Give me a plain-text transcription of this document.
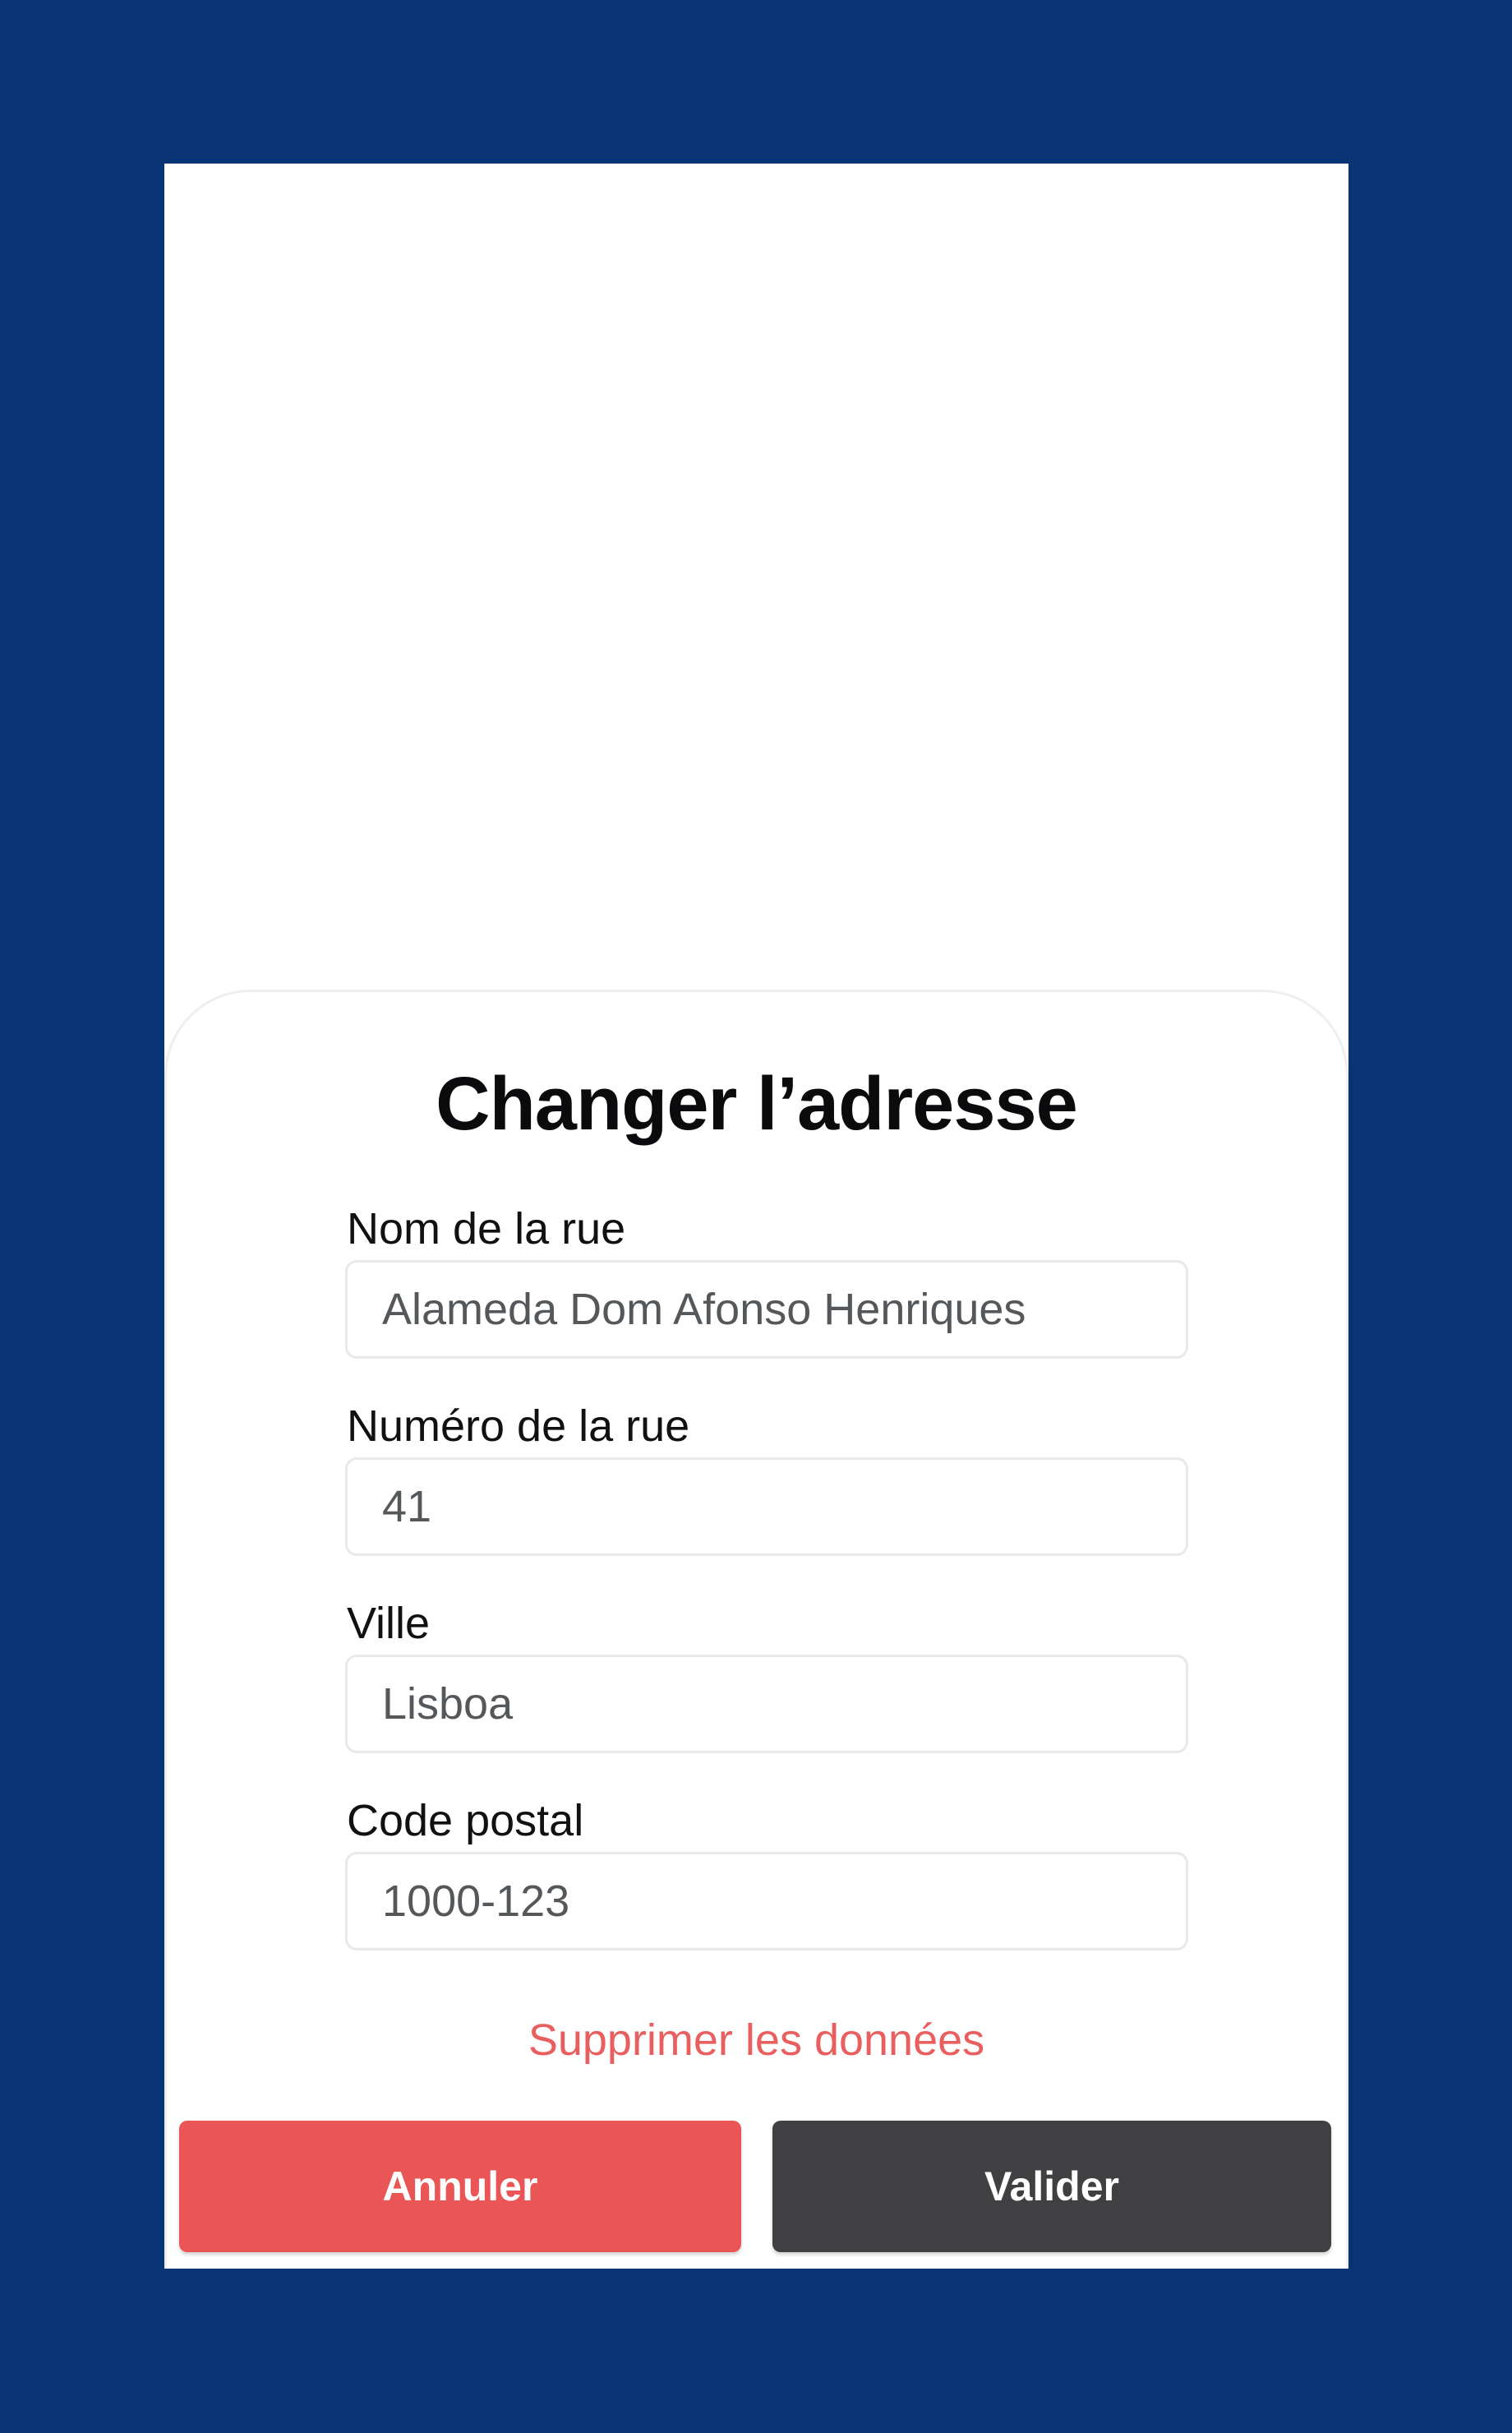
Changer l’adresse
Nom de la rue
Alameda Dom Afonso Henriques
Numéro de la rue
41
Ville
Lisboa
Code postal
1000-123
Supprimer les données
Annuler	Valider
